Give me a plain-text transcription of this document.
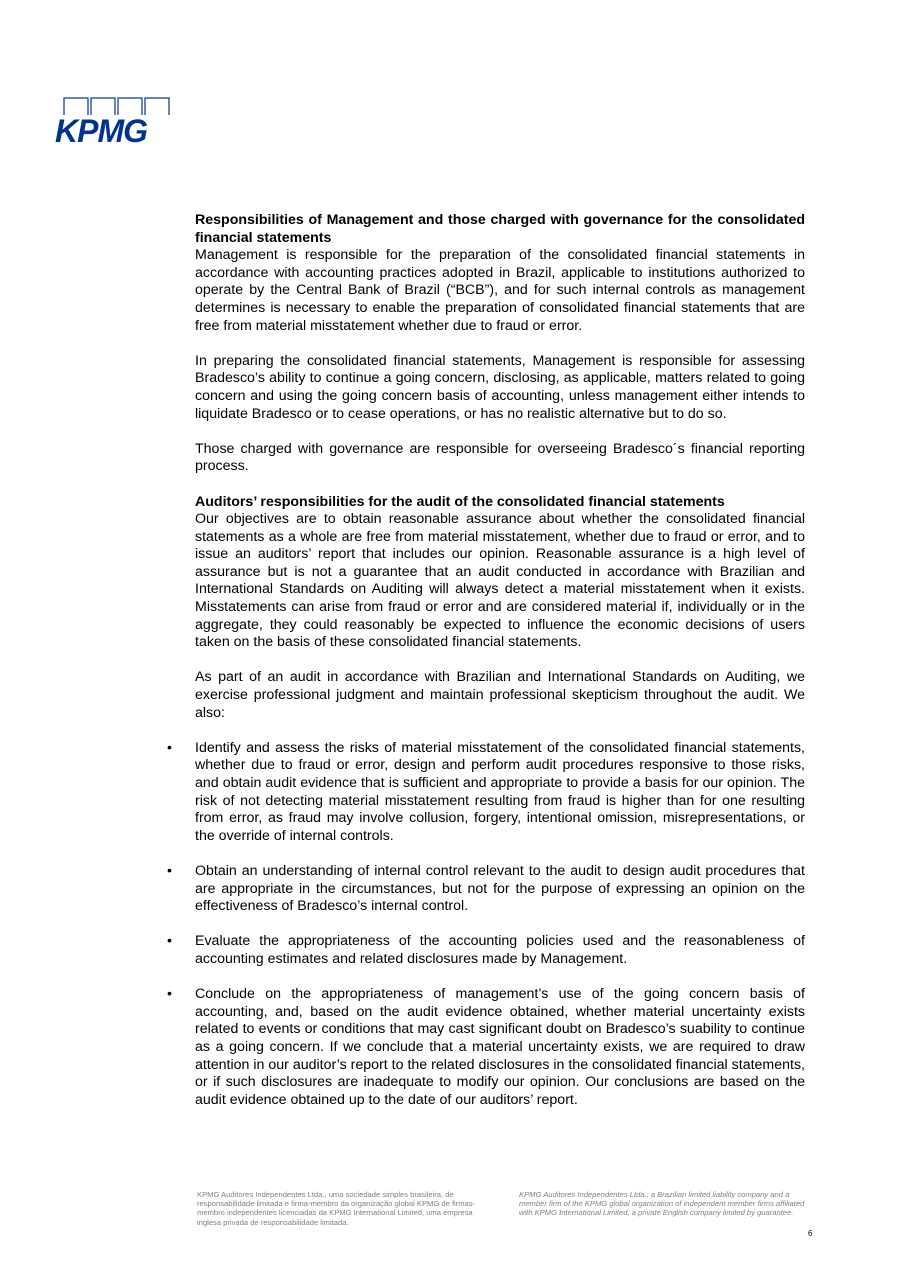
KPMG
Responsibilities of Management and those charged with governance for the consolidated financial statements

Management is responsible for the preparation of the consolidated financial statements in accordance with accounting practices adopted in Brazil, applicable to institutions authorized to operate by the Central Bank of Brazil (“BCB”), and for such internal controls as management determines is necessary to enable the preparation of consolidated financial statements that are free from material misstatement whether due to fraud or error.

In preparing the consolidated financial statements, Management is responsible for assessing Bradesco’s ability to continue a going concern, disclosing, as applicable, matters related to going concern and using the going concern basis of accounting, unless management either intends to liquidate Bradesco or to cease operations, or has no realistic alternative but to do so.

Those charged with governance are responsible for overseeing Bradesco´s financial reporting process.

Auditors’ responsibilities for the audit of the consolidated financial statements

Our objectives are to obtain reasonable assurance about whether the consolidated financial statements as a whole are free from material misstatement, whether due to fraud or error, and to issue an auditors’ report that includes our opinion. Reasonable assurance is a high level of assurance but is not a guarantee that an audit conducted in accordance with Brazilian and International Standards on Auditing will always detect a material misstatement when it exists. Misstatements can arise from fraud or error and are considered material if, individually or in the aggregate, they could reasonably be expected to influence the economic decisions of users taken on the basis of these consolidated financial statements.

As part of an audit in accordance with Brazilian and International Standards on Auditing, we exercise professional judgment and maintain professional skepticism throughout the audit. We also:

• Identify and assess the risks of material misstatement of the consolidated financial statements, whether due to fraud or error, design and perform audit procedures responsive to those risks, and obtain audit evidence that is sufficient and appropriate to provide a basis for our opinion. The risk of not detecting material misstatement resulting from fraud is higher than for one resulting from error, as fraud may involve collusion, forgery, intentional omission, misrepresentations, or the override of internal controls.

• Obtain an understanding of internal control relevant to the audit to design audit procedures that are appropriate in the circumstances, but not for the purpose of expressing an opinion on the effectiveness of Bradesco’s internal control.

• Evaluate the appropriateness of the accounting policies used and the reasonableness of accounting estimates and related disclosures made by Management.

• Conclude on the appropriateness of management’s use of the going concern basis of accounting, and, based on the audit evidence obtained, whether material uncertainty exists related to events or conditions that may cast significant doubt on Bradesco’s suability to continue as a going concern. If we conclude that a material uncertainty exists, we are required to draw attention in our auditor’s report to the related disclosures in the consolidated financial statements, or if such disclosures are inadequate to modify our opinion. Our conclusions are based on the audit evidence obtained up to the date of our auditors’ report.

KPMG Auditores Independentes Ltda., uma sociedade simples brasileira, de responsabilidade limitada e firma-membro da organização global KPMG de firmas-membro independentes licenciadas da KPMG International Limited, uma empresa inglesa privada de responsabilidade limitada.
KPMG Auditores Independentes Ltda., a Brazilian limited liability company and a member firm of the KPMG global organization of independent member firms affiliated with KPMG International Limited, a private English company limited by guarantee.
6
